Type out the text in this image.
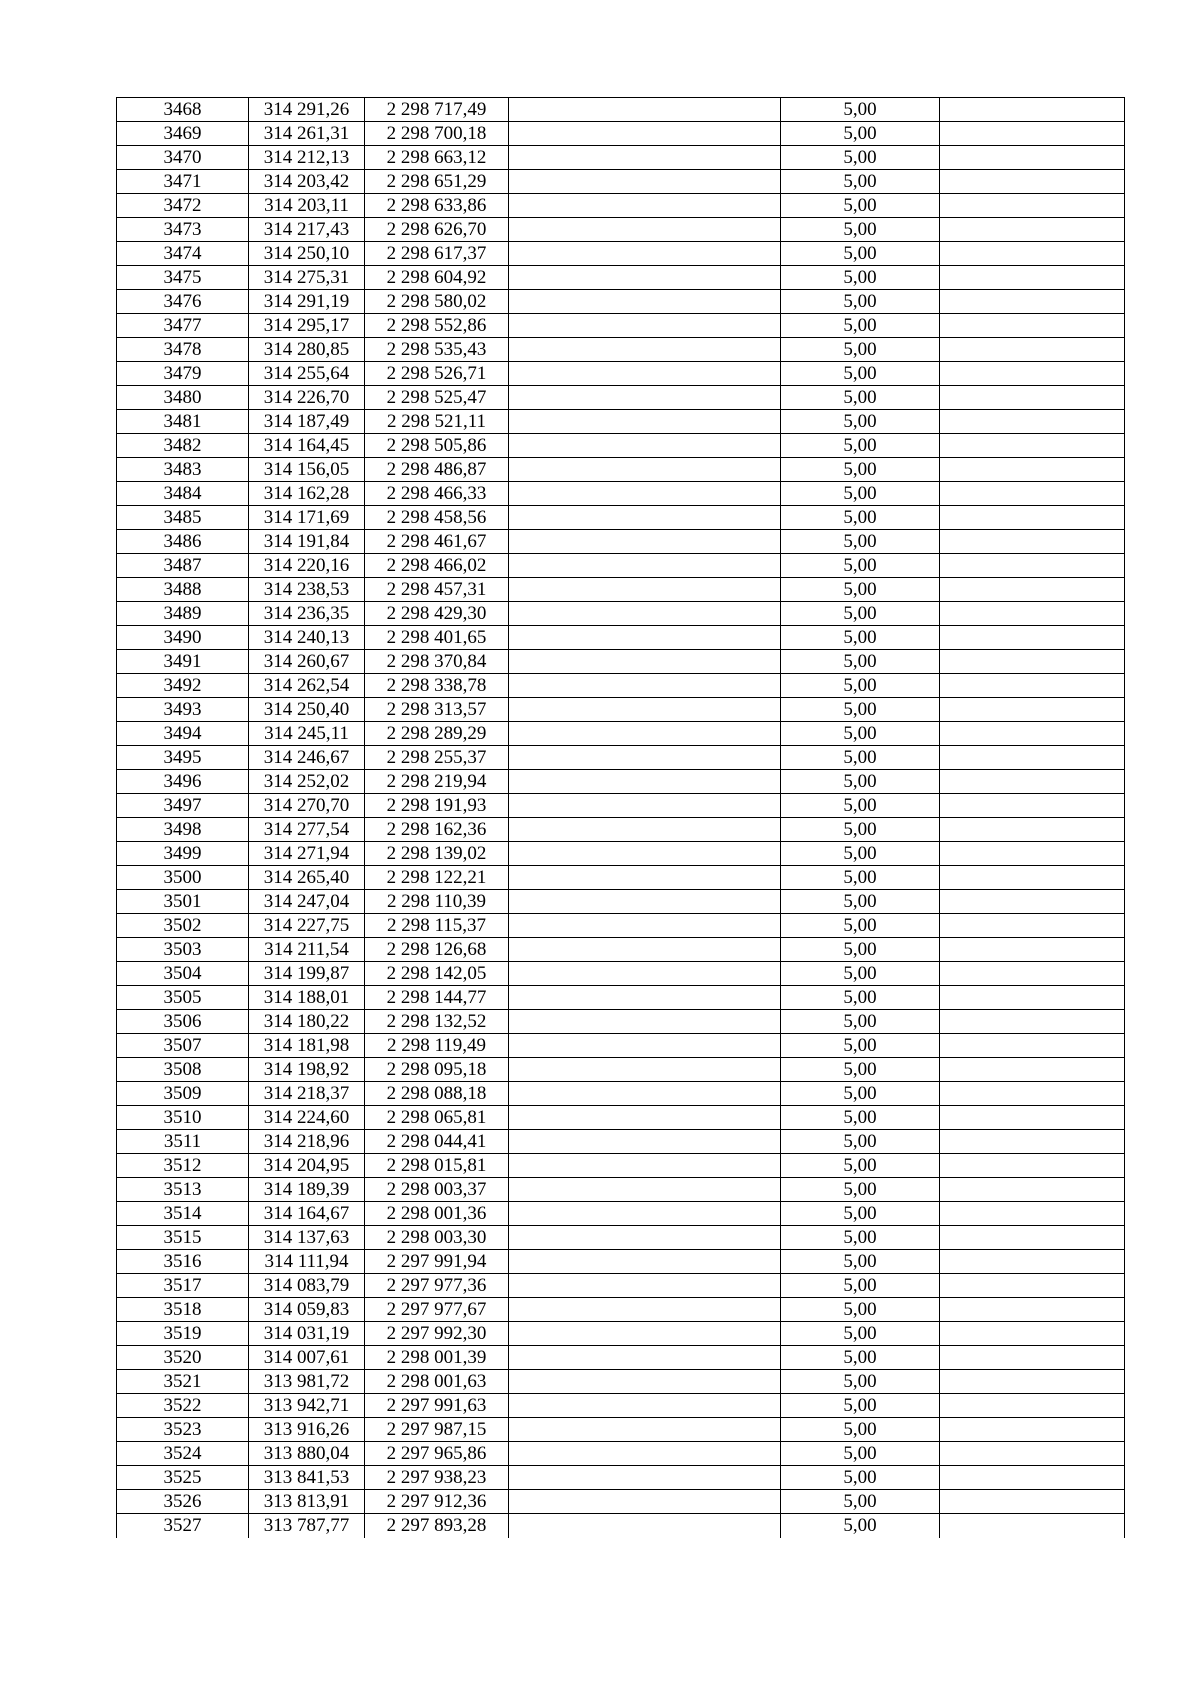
3468	314 291,26	2 298 717,49		5,00	
3469	314 261,31	2 298 700,18		5,00	
3470	314 212,13	2 298 663,12		5,00	
3471	314 203,42	2 298 651,29		5,00	
3472	314 203,11	2 298 633,86		5,00	
3473	314 217,43	2 298 626,70		5,00	
3474	314 250,10	2 298 617,37		5,00	
3475	314 275,31	2 298 604,92		5,00	
3476	314 291,19	2 298 580,02		5,00	
3477	314 295,17	2 298 552,86		5,00	
3478	314 280,85	2 298 535,43		5,00	
3479	314 255,64	2 298 526,71		5,00	
3480	314 226,70	2 298 525,47		5,00	
3481	314 187,49	2 298 521,11		5,00	
3482	314 164,45	2 298 505,86		5,00	
3483	314 156,05	2 298 486,87		5,00	
3484	314 162,28	2 298 466,33		5,00	
3485	314 171,69	2 298 458,56		5,00	
3486	314 191,84	2 298 461,67		5,00	
3487	314 220,16	2 298 466,02		5,00	
3488	314 238,53	2 298 457,31		5,00	
3489	314 236,35	2 298 429,30		5,00	
3490	314 240,13	2 298 401,65		5,00	
3491	314 260,67	2 298 370,84		5,00	
3492	314 262,54	2 298 338,78		5,00	
3493	314 250,40	2 298 313,57		5,00	
3494	314 245,11	2 298 289,29		5,00	
3495	314 246,67	2 298 255,37		5,00	
3496	314 252,02	2 298 219,94		5,00	
3497	314 270,70	2 298 191,93		5,00	
3498	314 277,54	2 298 162,36		5,00	
3499	314 271,94	2 298 139,02		5,00	
3500	314 265,40	2 298 122,21		5,00	
3501	314 247,04	2 298 110,39		5,00	
3502	314 227,75	2 298 115,37		5,00	
3503	314 211,54	2 298 126,68		5,00	
3504	314 199,87	2 298 142,05		5,00	
3505	314 188,01	2 298 144,77		5,00	
3506	314 180,22	2 298 132,52		5,00	
3507	314 181,98	2 298 119,49		5,00	
3508	314 198,92	2 298 095,18		5,00	
3509	314 218,37	2 298 088,18		5,00	
3510	314 224,60	2 298 065,81		5,00	
3511	314 218,96	2 298 044,41		5,00	
3512	314 204,95	2 298 015,81		5,00	
3513	314 189,39	2 298 003,37		5,00	
3514	314 164,67	2 298 001,36		5,00	
3515	314 137,63	2 298 003,30		5,00	
3516	314 111,94	2 297 991,94		5,00	
3517	314 083,79	2 297 977,36		5,00	
3518	314 059,83	2 297 977,67		5,00	
3519	314 031,19	2 297 992,30		5,00	
3520	314 007,61	2 298 001,39		5,00	
3521	313 981,72	2 298 001,63		5,00	
3522	313 942,71	2 297 991,63		5,00	
3523	313 916,26	2 297 987,15		5,00	
3524	313 880,04	2 297 965,86		5,00	
3525	313 841,53	2 297 938,23		5,00	
3526	313 813,91	2 297 912,36		5,00	
3527	313 787,77	2 297 893,28		5,00	
